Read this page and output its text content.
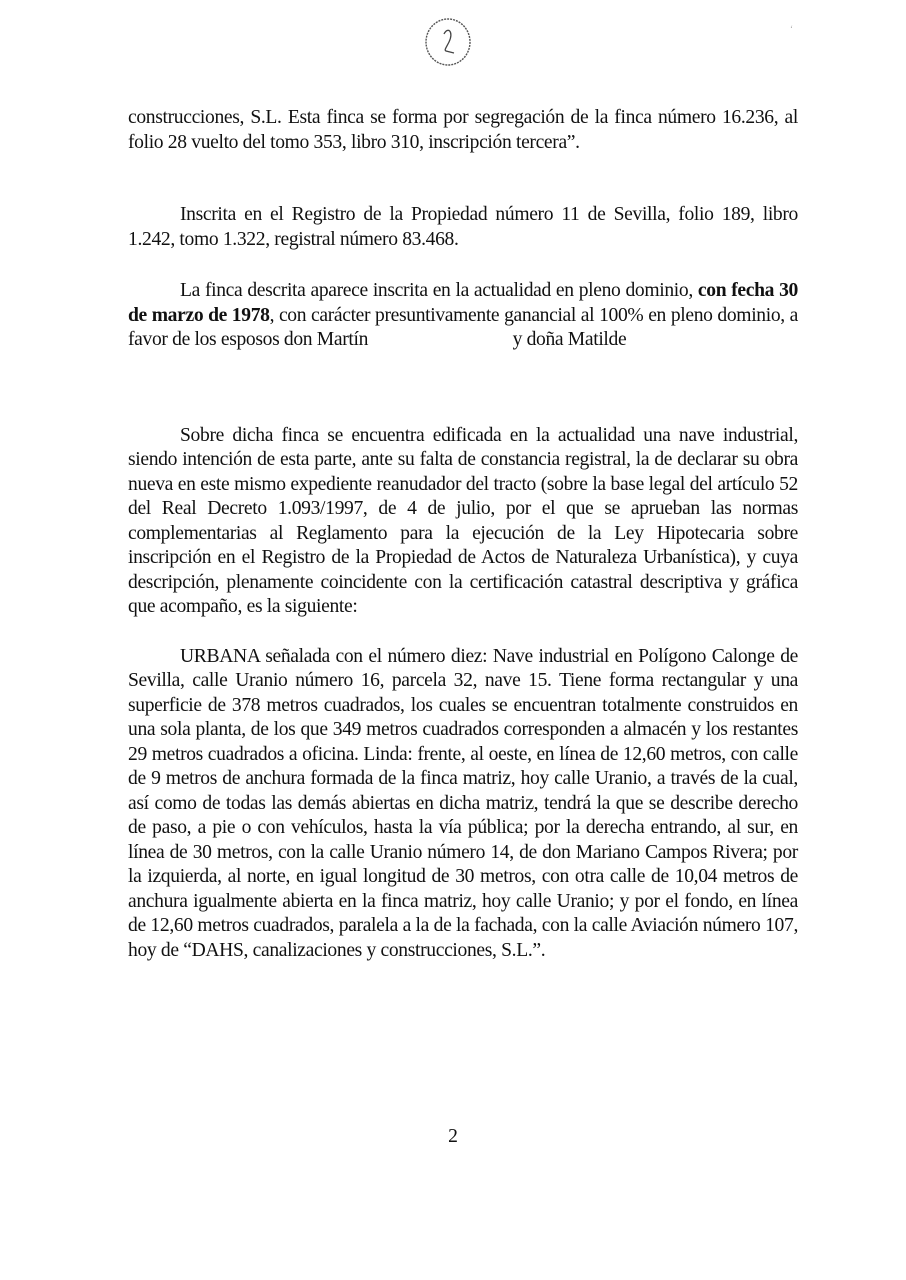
‘

construcciones, S.L. Esta finca se forma por segregación de la finca número 16.236, al folio 28 vuelto del tomo 353, libro 310, inscripción tercera”.

Inscrita en el Registro de la Propiedad número 11 de Sevilla, folio 189, libro 1.242, tomo 1.322, registral número 83.468.

La finca descrita aparece inscrita en la actualidad en pleno dominio, con fecha 30 de marzo de 1978, con carácter presuntivamente ganancial al 100% en pleno dominio, a favor de los esposos don Martín	y doña Matilde

Sobre dicha finca se encuentra edificada en la actualidad una nave industrial, siendo intención de esta parte, ante su falta de constancia registral, la de declarar su obra nueva en este mismo expediente reanudador del tracto (sobre la base legal del artículo 52 del Real Decreto 1.093/1997, de 4 de julio, por el que se aprueban las normas complementarias al Reglamento para la ejecución de la Ley Hipotecaria sobre inscripción en el Registro de la Propiedad de Actos de Naturaleza Urbanística), y cuya descripción, plenamente coincidente con la certificación catastral descriptiva y gráfica que acompaño, es la siguiente:

URBANA señalada con el número diez: Nave industrial en Polígono Calonge de Sevilla, calle Uranio número 16, parcela 32, nave 15. Tiene forma rectangular y una superficie de 378 metros cuadrados, los cuales se encuentran totalmente construidos en una sola planta, de los que 349 metros cuadrados corresponden a almacén y los restantes 29 metros cuadrados a oficina. Linda: frente, al oeste, en línea de 12,60 metros, con calle de 9 metros de anchura formada de la finca matriz, hoy calle Uranio, a través de la cual, así como de todas las demás abiertas en dicha matriz, tendrá la que se describe derecho de paso, a pie o con vehículos, hasta la vía pública; por la derecha entrando, al sur, en línea de 30 metros, con la calle Uranio número 14, de don Mariano Campos Rivera; por la izquierda, al norte, en igual longitud de 30 metros, con otra calle de 10,04 metros de anchura igualmente abierta en la finca matriz, hoy calle Uranio; y por el fondo, en línea de 12,60 metros cuadrados, paralela a la de la fachada, con la calle Aviación número 107, hoy de “DAHS, canalizaciones y construcciones, S.L.”.

2
